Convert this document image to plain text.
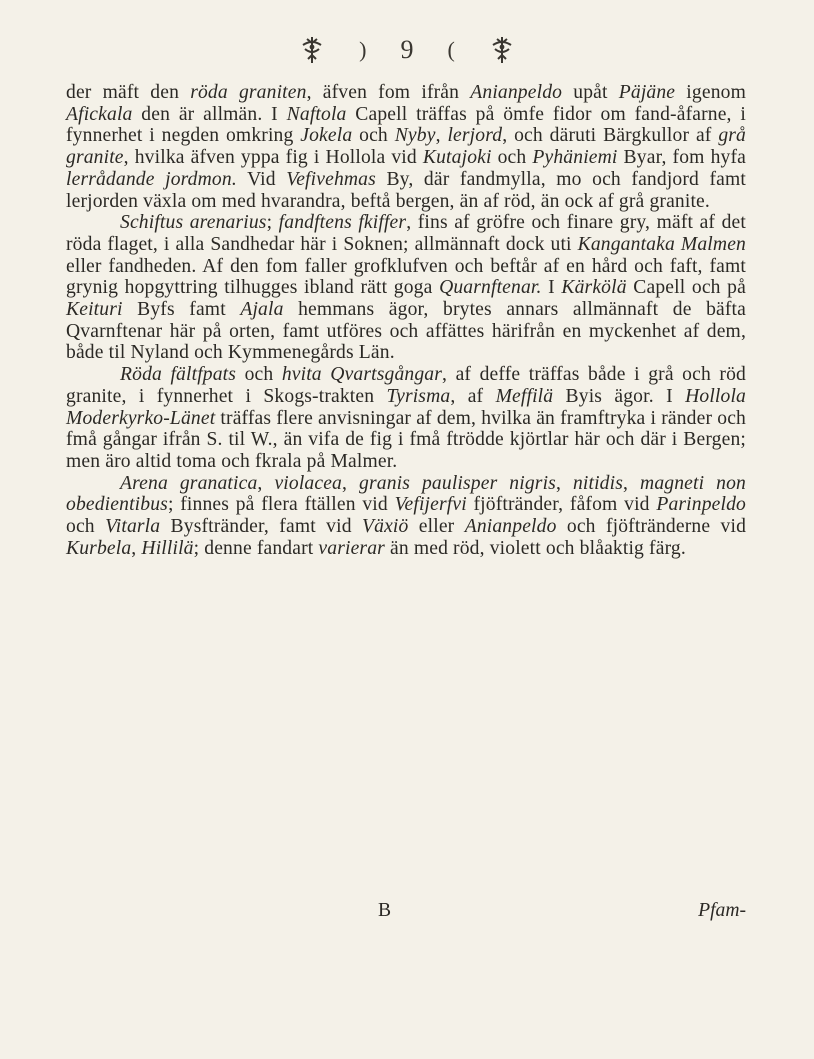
) 9 (

der mäft den röda graniten, äfven fom ifrån Anianpeldo upåt Päjäne igenom Afickala den är allmän. I Naftola Capell träffas på ömfe fidor om fand-åfarne, i fynnerhet i negden omkring Jokela och Nyby, lerjord, och däruti Bärgkullor af grå granite, hvilka äfven yppa fig i Hollola vid Kutajoki och Pyhäniemi Byar, fom hyfa lerrådande jordmon. Vid Vefivehmas By, där fandmylla, mo och fandjord famt lerjorden växla om med hvarandra, beftå bergen, än af röd, än ock af grå granite.

Schiftus arenarius; fandftens fkiffer, fins af gröfre och finare gry, mäft af det röda flaget, i alla Sandhedar här i Soknen; allmännaft dock uti Kangantaka Malmen eller fandheden. Af den fom faller grofklufven och beftår af en hård och faft, famt grynig hopgyttring tilhugges ibland rätt goga Quarnftenar. I Kärkölä Capell och på Keituri Byfs famt Ajala hemmans ägor, brytes annars allmännaft de bäfta Qvarnftenar här på orten, famt utföres och affättes härifrån en myckenhet af dem, både til Nyland och Kymmenegårds Län.

Röda fältfpats och hvita Qvartsgångar, af deffe träffas både i grå och röd granite, i fynnerhet i Skogs-trakten Tyrisma, af Meffilä Byis ägor. I Hollola Moderkyrko-Länet träffas flere anvisningar af dem, hvilka än framftryka i ränder och fmå gångar ifrån S. til W., än vifa de fig i fmå ftrödde kjörtlar här och där i Bergen; men äro altid toma och fkrala på Malmer.

Arena granatica, violacea, granis paulisper nigris, nitidis, magneti non obedientibus; finnes på flera ftällen vid Vefijerfvi fjöftränder, fåfom vid Parinpeldo och Vitarla Bysftränder, famt vid Växiö eller Anianpeldo och fjöftränderne vid Kurbela, Hillilä; denne fandart varierar än med röd, violett och blåaktig färg.

B	Pfam-
